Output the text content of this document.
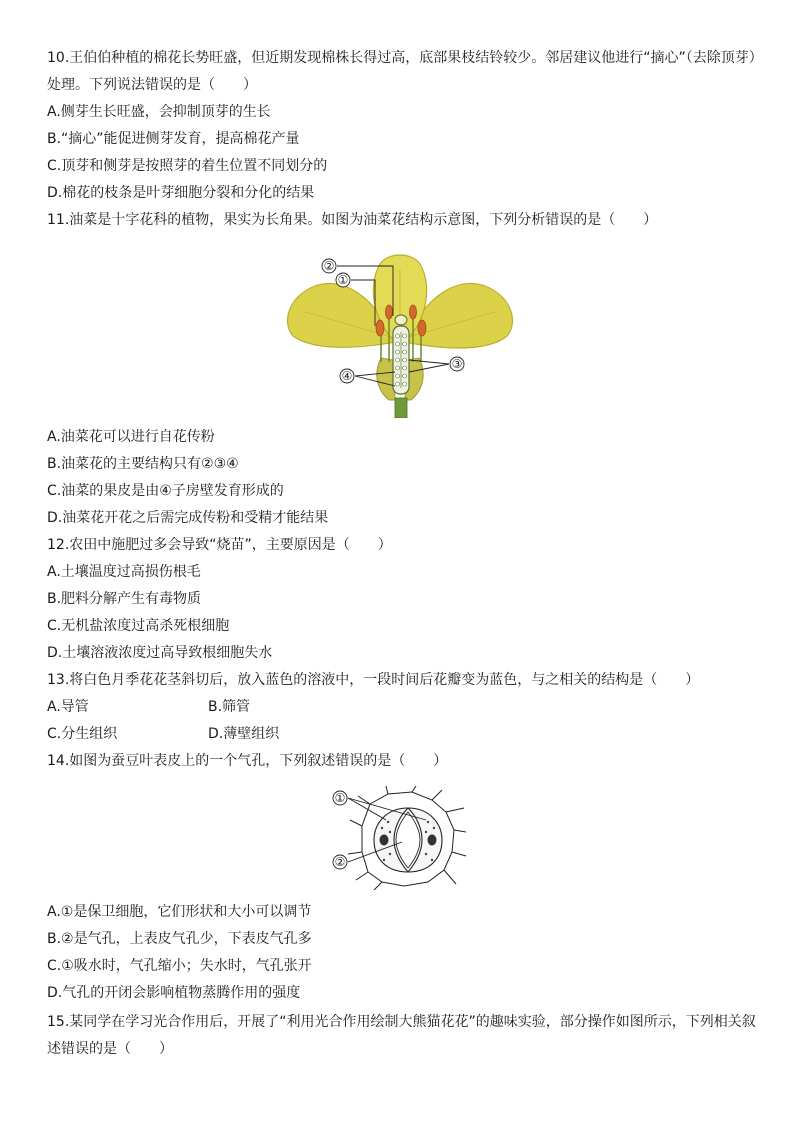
10.王伯伯种植的棉花长势旺盛，但近期发现棉株长得过高，底部果枝结铃较少。邻居建议他进行“摘心”（去除顶芽）
处理。下列说法错误的是（　　）
A.侧芽生长旺盛，会抑制顶芽的生长
B.“摘心”能促进侧芽发育，提高棉花产量
C.顶芽和侧芽是按照芽的着生位置不同划分的
D.棉花的枝条是叶芽细胞分裂和分化的结果
11.油菜是十字花科的植物，果实为长角果。如图为油菜花结构示意图，下列分析错误的是（　　）
②
①
③
④
A.油菜花可以进行自花传粉
B.油菜花的主要结构只有②③④
C.油菜的果皮是由④子房壁发育形成的
D.油菜花开花之后需完成传粉和受精才能结果
12.农田中施肥过多会导致“烧苗”，主要原因是（　　）
A.土壤温度过高损伤根毛
B.肥料分解产生有毒物质
C.无机盐浓度过高杀死根细胞
D.土壤溶液浓度过高导致根细胞失水
13.将白色月季花花茎斜切后，放入蓝色的溶液中，一段时间后花瓣变为蓝色，与之相关的结构是（　　）
A.导管	B.筛管
C.分生组织	D.薄壁组织
14.如图为蚕豆叶表皮上的一个气孔，下列叙述错误的是（　　）
①
②
A.①是保卫细胞，它们形状和大小可以调节
B.②是气孔，上表皮气孔少，下表皮气孔多
C.①吸水时，气孔缩小；失水时，气孔张开
D.气孔的开闭会影响植物蒸腾作用的强度
15.某同学在学习光合作用后，开展了“利用光合作用绘制大熊猫花花”的趣味实验，部分操作如图所示，下列相关叙
述错误的是（　　）
